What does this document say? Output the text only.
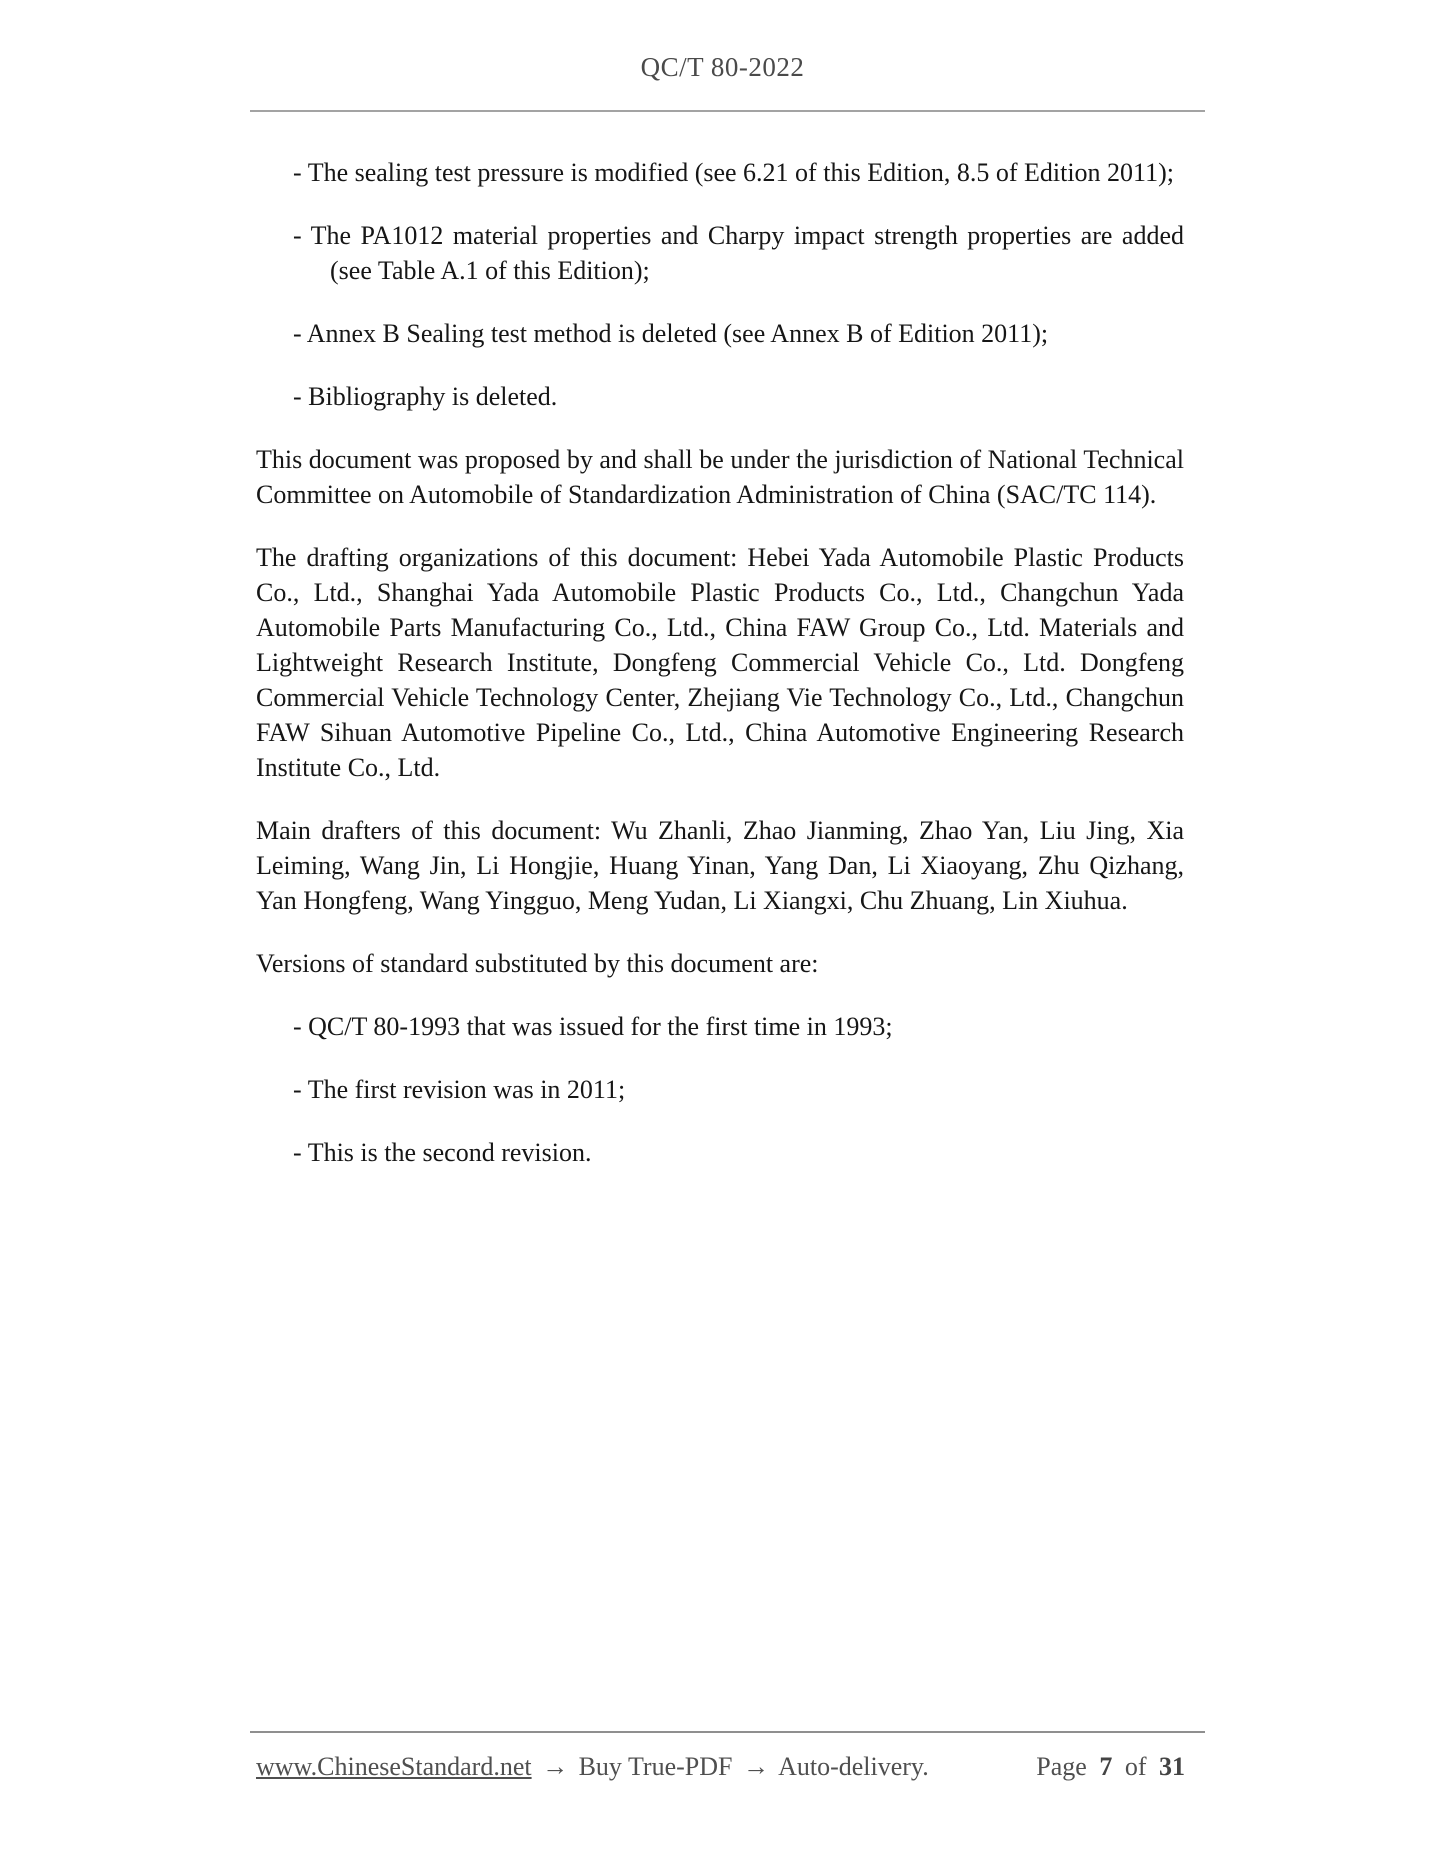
QC/T 80-2022

- The sealing test pressure is modified (see 6.21 of this Edition, 8.5 of Edition 2011);

- The PA1012 material properties and Charpy impact strength properties are added (see Table A.1 of this Edition);

- Annex B Sealing test method is deleted (see Annex B of Edition 2011);

- Bibliography is deleted.

This document was proposed by and shall be under the jurisdiction of National Technical Committee on Automobile of Standardization Administration of China (SAC/TC 114).

The drafting organizations of this document: Hebei Yada Automobile Plastic Products Co., Ltd., Shanghai Yada Automobile Plastic Products Co., Ltd., Changchun Yada Automobile Parts Manufacturing Co., Ltd., China FAW Group Co., Ltd. Materials and Lightweight Research Institute, Dongfeng Commercial Vehicle Co., Ltd. Dongfeng Commercial Vehicle Technology Center, Zhejiang Vie Technology Co., Ltd., Changchun FAW Sihuan Automotive Pipeline Co., Ltd., China Automotive Engineering Research Institute Co., Ltd.

Main drafters of this document: Wu Zhanli, Zhao Jianming, Zhao Yan, Liu Jing, Xia Leiming, Wang Jin, Li Hongjie, Huang Yinan, Yang Dan, Li Xiaoyang, Zhu Qizhang, Yan Hongfeng, Wang Yingguo, Meng Yudan, Li Xiangxi, Chu Zhuang, Lin Xiuhua.

Versions of standard substituted by this document are:

- QC/T 80-1993 that was issued for the first time in 1993;

- The first revision was in 2011;

- This is the second revision.

www.ChineseStandard.net → Buy True-PDF → Auto-delivery.	Page 7 of 31
